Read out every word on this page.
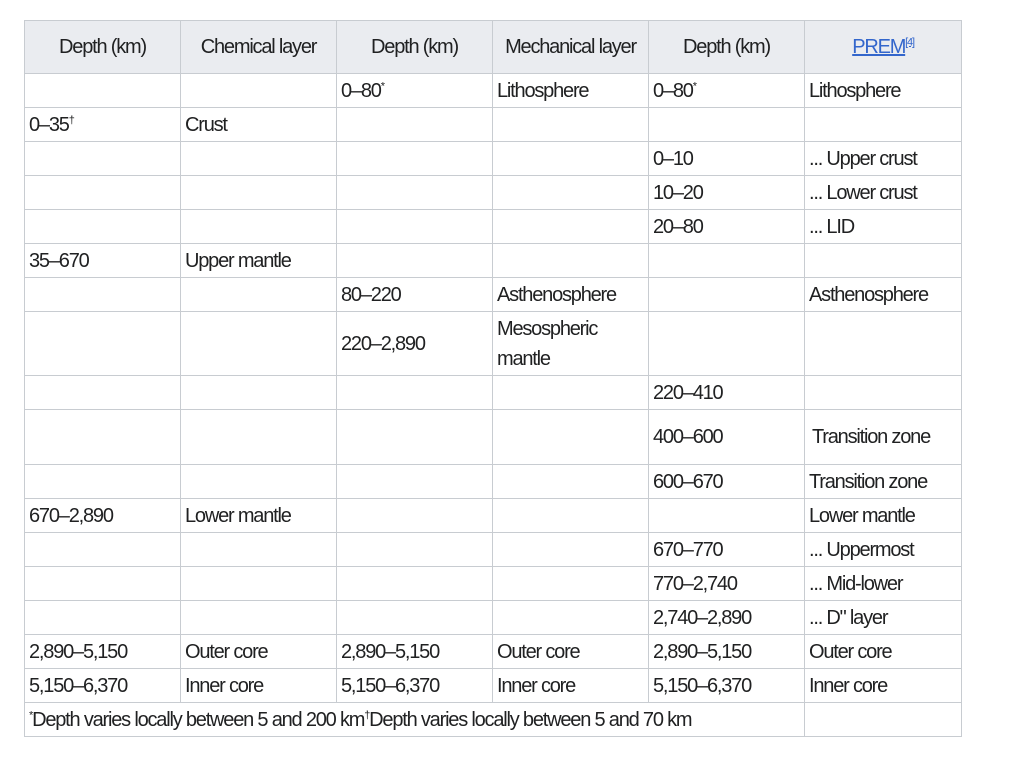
Depth (km)	Chemical layer	Depth (km)	Mechanical layer	Depth (km)	PREM[4]
		0–80*	Lithosphere	0–80*	Lithosphere
0–35†	Crust				
				0–10	... Upper crust
				10–20	... Lower crust
				20–80	... LID
35–670	Upper mantle				
		80–220	Asthenosphere		Asthenosphere
		220–2,890	Mesospheric mantle		
				220–410	
				400–600	Transition zone
				600–670	Transition zone
670–2,890	Lower mantle				Lower mantle
				670–770	... Uppermost
				770–2,740	... Mid-lower
				2,740–2,890	... D" layer
2,890–5,150	Outer core	2,890–5,150	Outer core	2,890–5,150	Outer core
5,150–6,370	Inner core	5,150–6,370	Inner core	5,150–6,370	Inner core
*Depth varies locally between 5 and 200 km†Depth varies locally between 5 and 70 km					
